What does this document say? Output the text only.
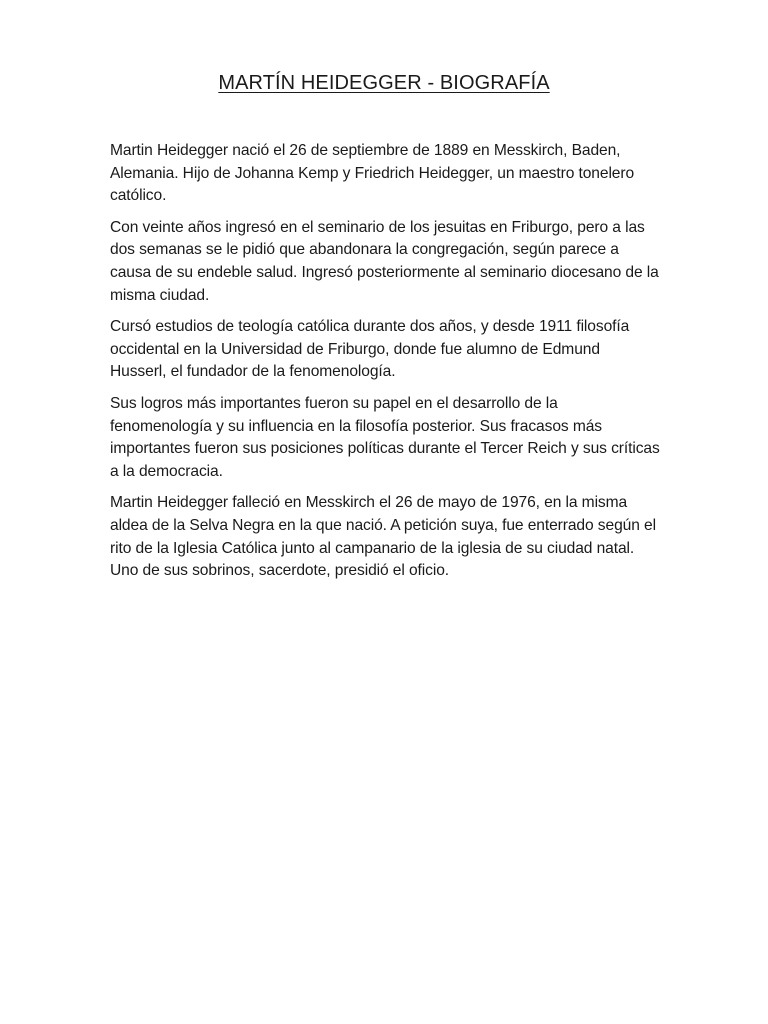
MARTÍN HEIDEGGER - BIOGRAFÍA

Martin Heidegger nació el 26 de septiembre de 1889 en Messkirch, Baden, Alemania. Hijo de Johanna Kemp y Friedrich Heidegger, un maestro tonelero católico.

Con veinte años ingresó en el seminario de los jesuitas en Friburgo, pero a las dos semanas se le pidió que abandonara la congregación, según parece a causa de su endeble salud. Ingresó posteriormente al seminario diocesano de la misma ciudad.

Cursó estudios de teología católica durante dos años, y desde 1911 filosofía occidental en la Universidad de Friburgo, donde fue alumno de Edmund Husserl, el fundador de la fenomenología.

Sus logros más importantes fueron su papel en el desarrollo de la fenomenología y su influencia en la filosofía posterior. Sus fracasos más importantes fueron sus posiciones políticas durante el Tercer Reich y sus críticas a la democracia.

Martin Heidegger falleció en Messkirch el 26 de mayo de 1976, en la misma aldea de la Selva Negra en la que nació. A petición suya, fue enterrado según el rito de la Iglesia Católica junto al campanario de la iglesia de su ciudad natal. Uno de sus sobrinos, sacerdote, presidió el oficio.
